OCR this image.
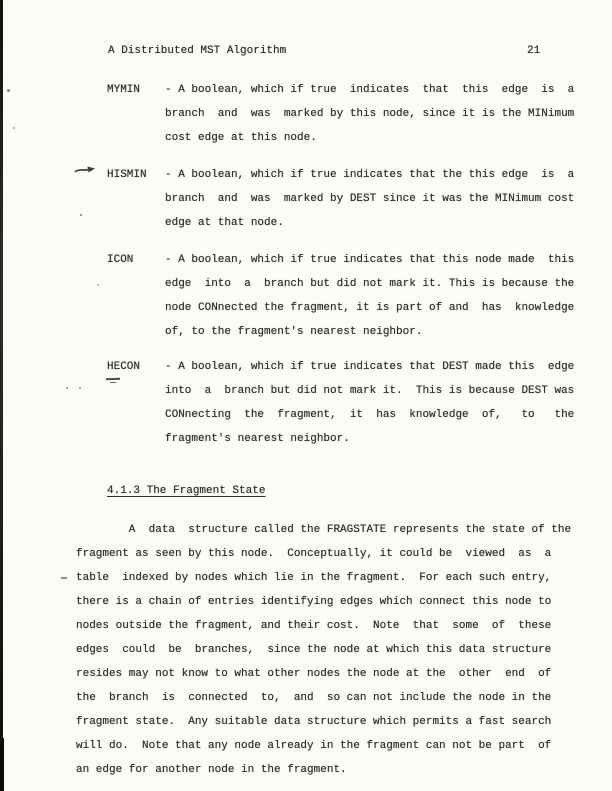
A Distributed MST Algorithm	21
MYMIN - A boolean, which if true  indicates  that  this  edge  is  a
branch  and  was  marked by this node, since it is the MINimum
cost edge at this node.
HISMIN - A boolean, which if true indicates that the this edge  is  a
branch  and  was  marked by DEST since it was the MINimum cost
edge at that node.
ICON	- A boolean, which if true indicates that this node made  this
edge  into  a  branch but did not mark it. This is because the
node CONnected the fragment, it is part of and  has  knowledge
of, to the fragment's nearest neighbor.
HECON - A boolean, which if true indicates that DEST made this  edge
into  a  branch but did not mark it.  This is because DEST was
CONnecting  the  fragment,  it  has  knowledge  of,   to   the
fragment's nearest neighbor.
4.1.3 The Fragment State
A  data  structure called the FRAGSTATE represents the state of the
fragment as seen by this node.  Conceptually, it could be  viewed  as  a
table  indexed by nodes which lie in the fragment.  For each such entry,
there is a chain of entries identifying edges which connect this node to
nodes outside the fragment, and their cost.  Note  that  some  of  these
edges  could  be  branches,  since the node at which this data structure
resides may not know to what other nodes the node at the  other  end  of
the  branch  is  connected  to,  and  so can not include the node in the
fragment state.  Any suitable data structure which permits a fast search
will do.  Note that any node already in the fragment can not be part  of
an edge for another node in the fragment.
